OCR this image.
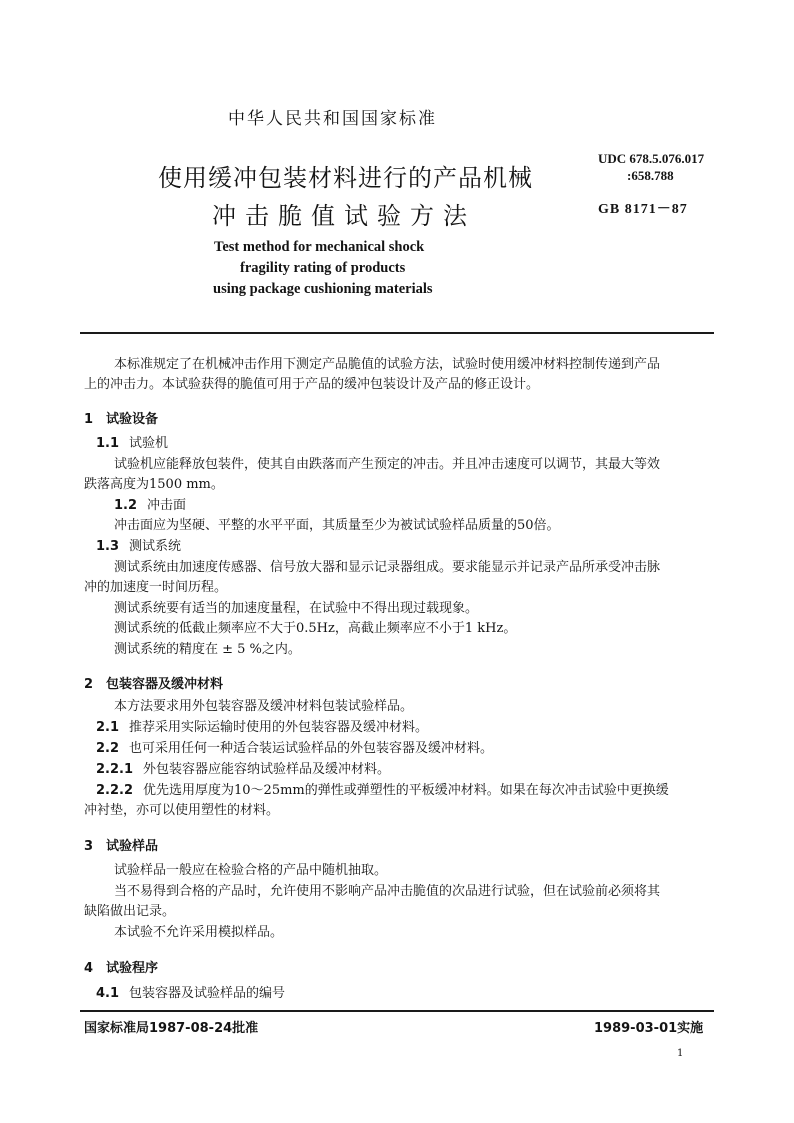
中华人民共和国国家标准
使用缓冲包装材料进行的产品机械
冲击脆值试验方法
UDC 678.5.076.017
:658.788
GB 8171－87
Test method for mechanical shock
fragility rating of products
using package cushioning materials
本标准规定了在机械冲击作用下测定产品脆值的试验方法，试验时使用缓冲材料控制传递到产品
上的冲击力。本试验获得的脆值可用于产品的缓冲包装设计及产品的修正设计。
1　试验设备
1.1 试验机
试验机应能释放包装件，使其自由跌落而产生预定的冲击。并且冲击速度可以调节，其最大等效
跌落高度为1500 mm。
1.2 冲击面
冲击面应为坚硬、平整的水平平面，其质量至少为被试试验样品质量的50倍。
1.3 测试系统
测试系统由加速度传感器、信号放大器和显示记录器组成。要求能显示并记录产品所承受冲击脉
冲的加速度一时间历程。
测试系统要有适当的加速度量程，在试验中不得出现过载现象。
测试系统的低截止频率应不大于0.5Hz，高截止频率应不小于1 kHz。
测试系统的精度在 ± 5 %之内。
2　包装容器及缓冲材料
本方法要求用外包装容器及缓冲材料包装试验样品。
2.1 推荐采用实际运输时使用的外包装容器及缓冲材料。
2.2 也可采用任何一种适合装运试验样品的外包装容器及缓冲材料。
2.2.1 外包装容器应能容纳试验样品及缓冲材料。
2.2.2 优先选用厚度为10～25mm的弹性或弹塑性的平板缓冲材料。如果在每次冲击试验中更换缓
冲衬垫，亦可以使用塑性的材料。
3　试验样品
试验样品一般应在检验合格的产品中随机抽取。
当不易得到合格的产品时，允许使用不影响产品冲击脆值的次品进行试验，但在试验前必须将其
缺陷做出记录。
本试验不允许采用模拟样品。
4　试验程序
4.1 包装容器及试验样品的编号
国家标准局1987-08-24批准	1989-03-01实施
1
